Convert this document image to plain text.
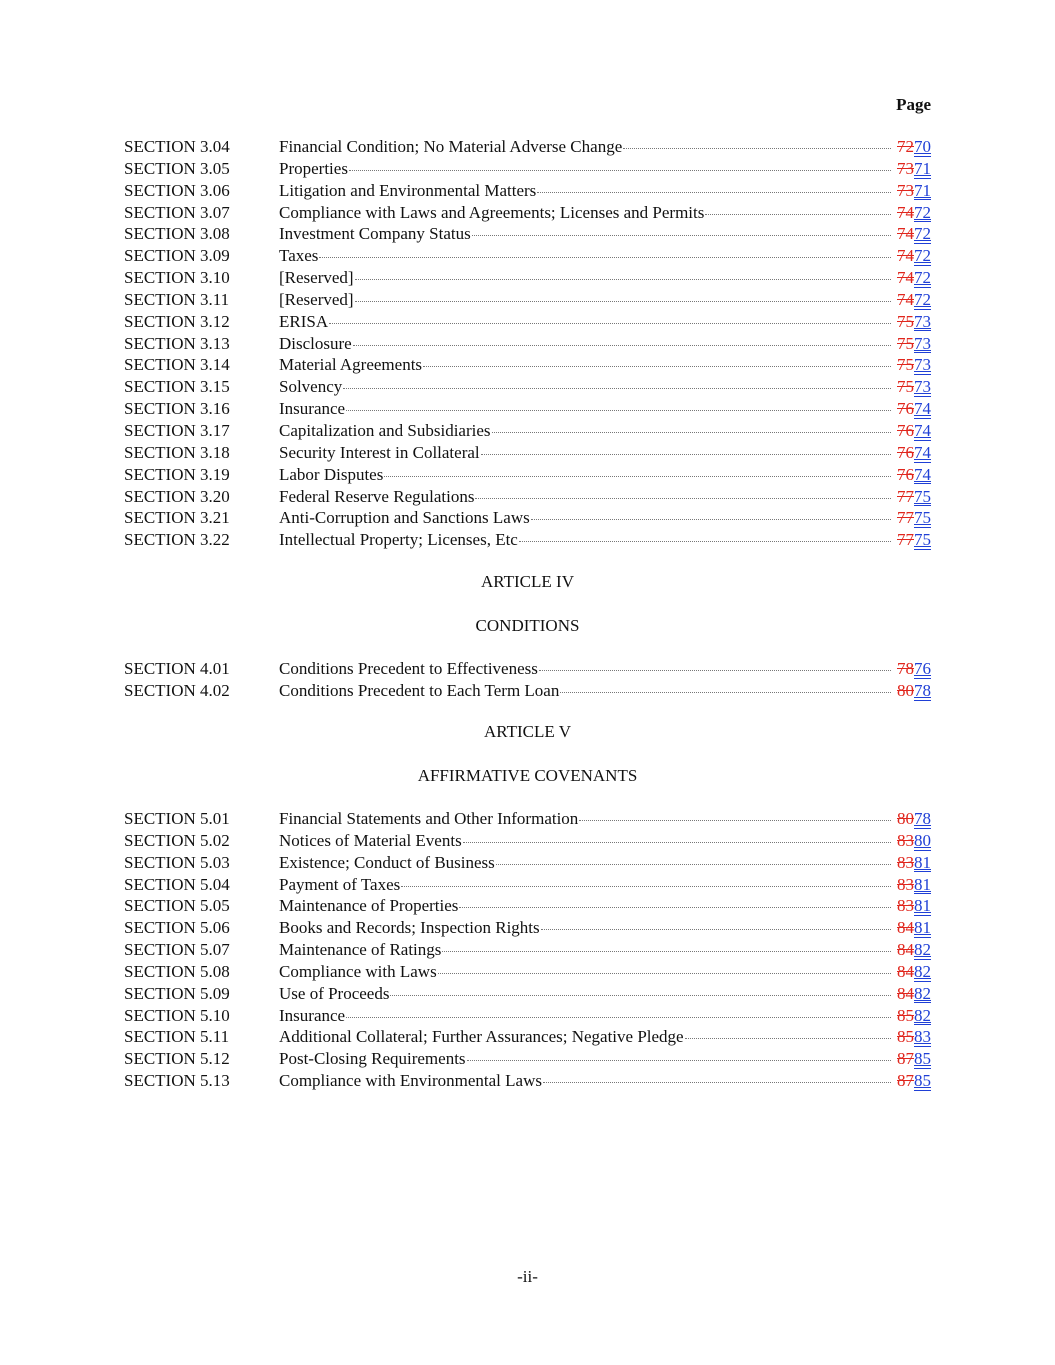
Page
SECTION 3.04	Financial Condition; No Material Adverse Change	7270
SECTION 3.05	Properties	7371
SECTION 3.06	Litigation and Environmental Matters	7371
SECTION 3.07	Compliance with Laws and Agreements; Licenses and Permits	7472
SECTION 3.08	Investment Company Status	7472
SECTION 3.09	Taxes	7472
SECTION 3.10	[Reserved]	7472
SECTION 3.11	[Reserved]	7472
SECTION 3.12	ERISA	7573
SECTION 3.13	Disclosure	7573
SECTION 3.14	Material Agreements	7573
SECTION 3.15	Solvency	7573
SECTION 3.16	Insurance	7674
SECTION 3.17	Capitalization and Subsidiaries	7674
SECTION 3.18	Security Interest in Collateral	7674
SECTION 3.19	Labor Disputes	7674
SECTION 3.20	Federal Reserve Regulations	7775
SECTION 3.21	Anti-Corruption and Sanctions Laws	7775
SECTION 3.22	Intellectual Property; Licenses, Etc	7775
ARTICLE IV
CONDITIONS
SECTION 4.01	Conditions Precedent to Effectiveness	7876
SECTION 4.02	Conditions Precedent to Each Term Loan	8078
ARTICLE V
AFFIRMATIVE COVENANTS
SECTION 5.01	Financial Statements and Other Information	8078
SECTION 5.02	Notices of Material Events	8380
SECTION 5.03	Existence; Conduct of Business	8381
SECTION 5.04	Payment of Taxes	8381
SECTION 5.05	Maintenance of Properties	8381
SECTION 5.06	Books and Records; Inspection Rights	8481
SECTION 5.07	Maintenance of Ratings	8482
SECTION 5.08	Compliance with Laws	8482
SECTION 5.09	Use of Proceeds	8482
SECTION 5.10	Insurance	8582
SECTION 5.11	Additional Collateral; Further Assurances; Negative Pledge	8583
SECTION 5.12	Post-Closing Requirements	8785
SECTION 5.13	Compliance with Environmental Laws	8785
-ii-
